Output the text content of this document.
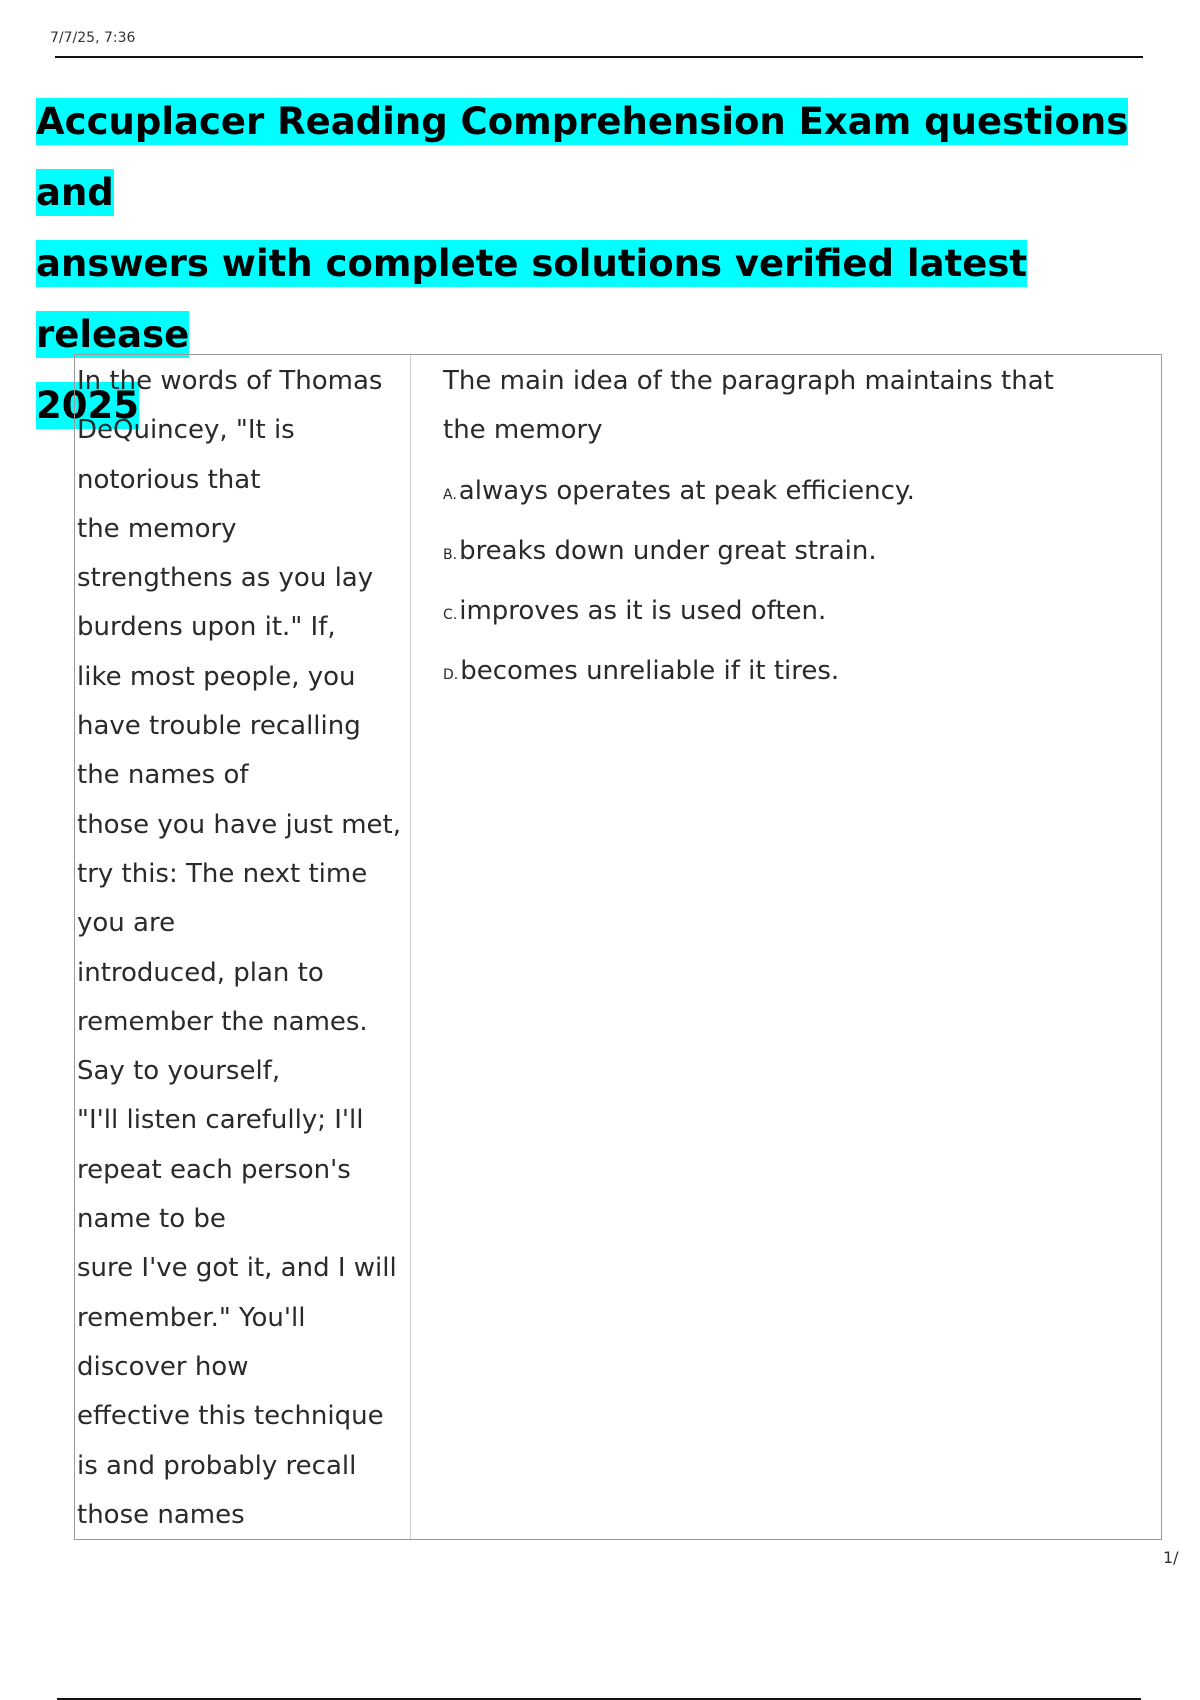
7/7/25, 7:36
Accuplacer Reading Comprehension Exam questions and
answers with complete solutions verified latest release
2025
In the words of Thomas
DeQuincey, "It is
notorious that
the memory
strengthens as you lay
burdens upon it." If,
like most people, you
have trouble recalling
the names of
those you have just met,
try this: The next time
you are
introduced, plan to
remember the names.
Say to yourself,
"I'll listen carefully; I'll
repeat each person's
name to be
sure I've got it, and I will
remember." You'll
discover how
effective this technique
is and probably recall
those names
The main idea of the paragraph maintains that the memory
A.always operates at peak efficiency.
B.breaks down under great strain.
C.improves as it is used often.
D.becomes unreliable if it tires.
1/
